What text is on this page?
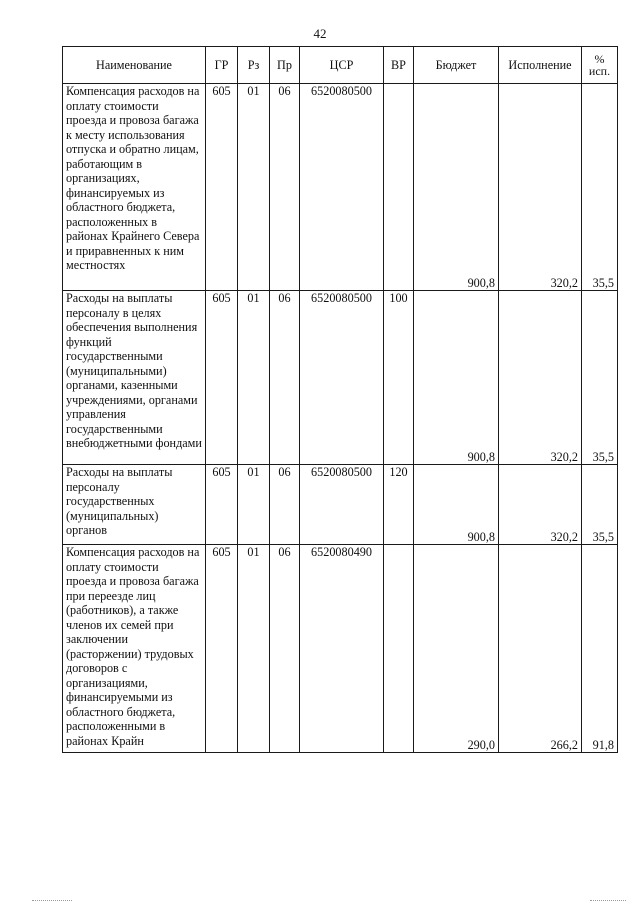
42
Наименование	ГР	Рз	Пр	ЦСР	ВР	Бюджет	Исполнение	%
исп.

Компенсация расходов на оплату стоимости проезда и провоза багажа к месту использования отпуска и обратно лицам, работающим в организациях, финансируемых из областного бюджета, расположенных в районах Крайнего Севера и приравненных к ним местностях	605	01	06	6520080500		900,8	320,2	35,5
Расходы на выплаты персоналу в целях обеспечения выполнения функций государственными (муниципальными) органами, казенными учреждениями, органами управления государственными внебюджетными фондами	605	01	06	6520080500	100	900,8	320,2	35,5
Расходы на выплаты персоналу государственных (муниципальных) органов	605	01	06	6520080500	120	900,8	320,2	35,5
Компенсация расходов на оплату стоимости проезда и провоза багажа при переезде лиц (работников), а также членов их семей при заключении (расторжении) трудовых договоров с организациями, финансируемыми из областного бюджета, расположенными в районах Крайн	605	01	06	6520080490		290,0	266,2	91,8
